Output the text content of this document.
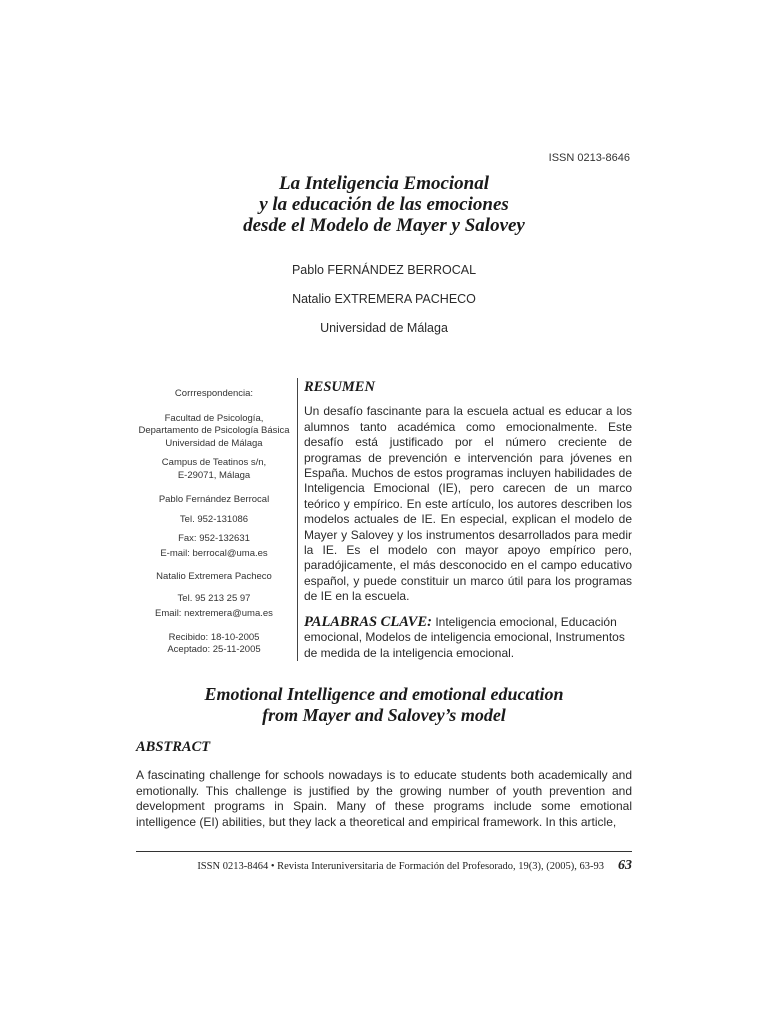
ISSN 0213-8646
La Inteligencia Emocional
y la educación de las emociones
desde el Modelo de Mayer y Salovey
Pablo FERNÁNDEZ BERROCAL
Natalio EXTREMERA PACHECO
Universidad de Málaga
Corrrespondencia:
Facultad de Psicología,
Departamento de Psicología Básica
Universidad de Málaga
Campus de Teatinos s/n,
E-29071, Málaga
Pablo Fernández Berrocal
Tel. 952-131086
Fax: 952-132631
E-mail: berrocal@uma.es
Natalio Extremera Pacheco
Tel. 95 213 25 97
Email: nextremera@uma.es
Recibido: 18-10-2005
Aceptado: 25-11-2005
RESUMEN
Un desafío fascinante para la escuela actual es educar a los alumnos tanto académica como emocionalmente. Este desafío está justificado por el número creciente de programas de prevención e intervención para jóvenes en España. Muchos de estos programas incluyen habilidades de Inteligencia Emocional (IE), pero carecen de un marco teórico y empírico. En este artículo, los autores describen los modelos actuales de IE. En especial, explican el modelo de Mayer y Salovey y los instrumentos desarrollados para medir la IE. Es el modelo con mayor apoyo empírico pero, paradójicamente, el más desconocido en el campo educativo español, y puede constituir un marco útil para los programas de IE en la escuela.
PALABRAS CLAVE: Inteligencia emocional, Educación emocional, Modelos de inteligencia emocional, Instrumentos de medida de la inteligencia emocional.
Emotional Intelligence and emotional education
from Mayer and Salovey’s model
ABSTRACT
A fascinating challenge for schools nowadays is to educate students both academically and emotionally. This challenge is justified by the growing number of youth prevention and development programs in Spain. Many of these programs include some emotional intelligence (EI) abilities, but they lack a theoretical and empirical framework. In this article,
ISSN 0213-8464 • Revista Interuniversitaria de Formación del Profesorado, 19(3), (2005), 63-93 63
